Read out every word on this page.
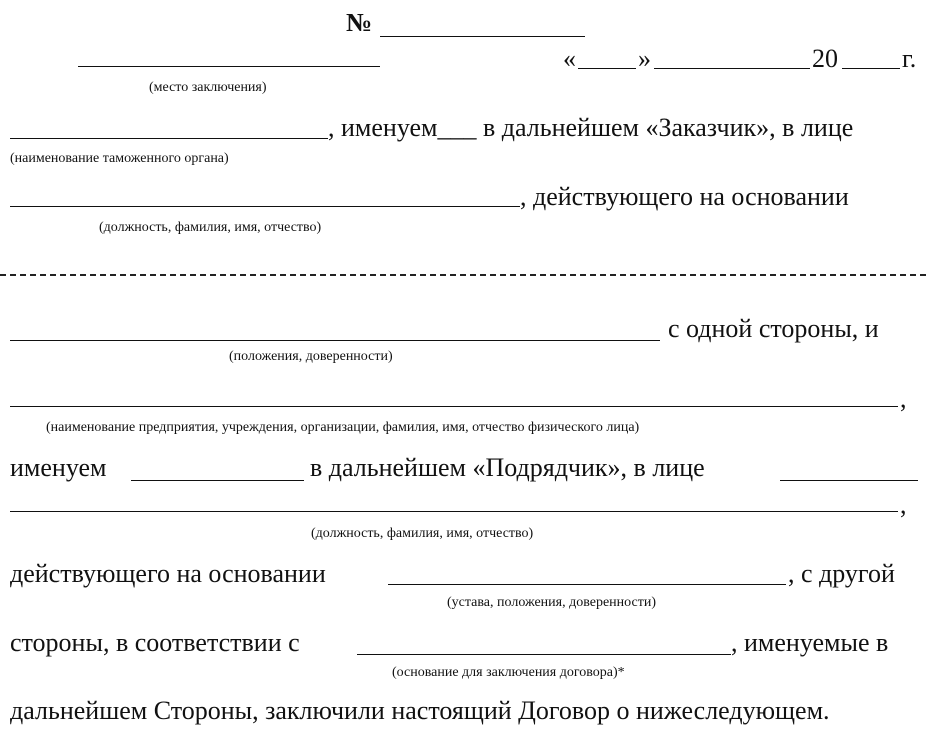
№
« »	20 г.
(место заключения)
, именуем___ в дальнейшем «Заказчик», в лице
(наименование таможенного органа)
, действующего на основании
(должность, фамилия, имя, отчество)
с одной стороны, и
(положения, доверенности)
,
(наименование предприятия, учреждения, организации, фамилия, имя, отчество физического лица)
именуем	в дальнейшем «Подрядчик», в лице
,
(должность, фамилия, имя, отчество)
действующего на основании	, с другой
(устава, положения, доверенности)
стороны, в соответствии с	, именуемые в
(основание для заключения договора)*
дальнейшем Стороны, заключили настоящий Договор о нижеследующем.
